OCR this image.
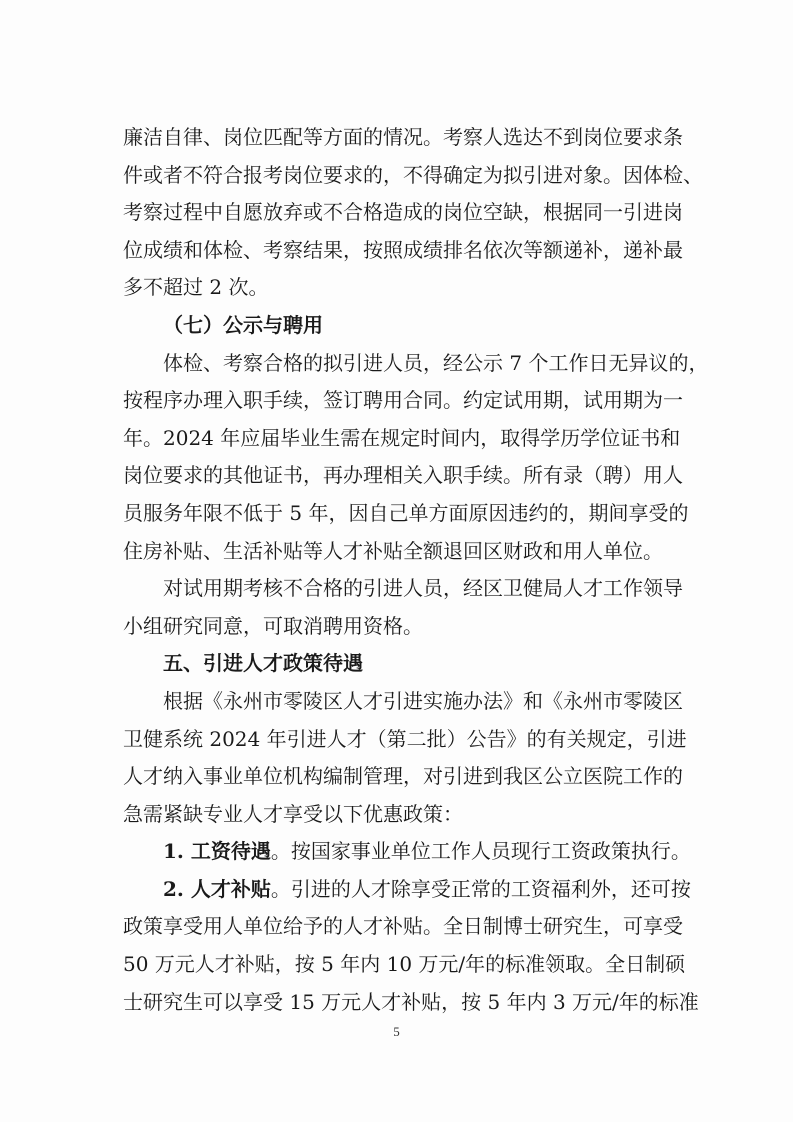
廉洁自律、岗位匹配等方面的情况。考察人选达不到岗位要求条
件或者不符合报考岗位要求的，不得确定为拟引进对象。因体检、
考察过程中自愿放弃或不合格造成的岗位空缺，根据同一引进岗
位成绩和体检、考察结果，按照成绩排名依次等额递补，递补最
多不超过 2 次。
（七）公示与聘用
体检、考察合格的拟引进人员，经公示 7 个工作日无异议的，
按程序办理入职手续，签订聘用合同。约定试用期，试用期为一
年。2024 年应届毕业生需在规定时间内，取得学历学位证书和
岗位要求的其他证书，再办理相关入职手续。所有录（聘）用人
员服务年限不低于 5 年，因自己单方面原因违约的，期间享受的
住房补贴、生活补贴等人才补贴全额退回区财政和用人单位。
对试用期考核不合格的引进人员，经区卫健局人才工作领导
小组研究同意，可取消聘用资格。
五、引进人才政策待遇
根据《永州市零陵区人才引进实施办法》和《永州市零陵区
卫健系统 2024 年引进人才（第二批）公告》的有关规定，引进
人才纳入事业单位机构编制管理，对引进到我区公立医院工作的
急需紧缺专业人才享受以下优惠政策：
1. 工资待遇。按国家事业单位工作人员现行工资政策执行。
2. 人才补贴。引进的人才除享受正常的工资福利外，还可按
政策享受用人单位给予的人才补贴。全日制博士研究生，可享受
50 万元人才补贴，按 5 年内 10 万元/年的标准领取。全日制硕
士研究生可以享受 15 万元人才补贴，按 5 年内 3 万元/年的标准
5
